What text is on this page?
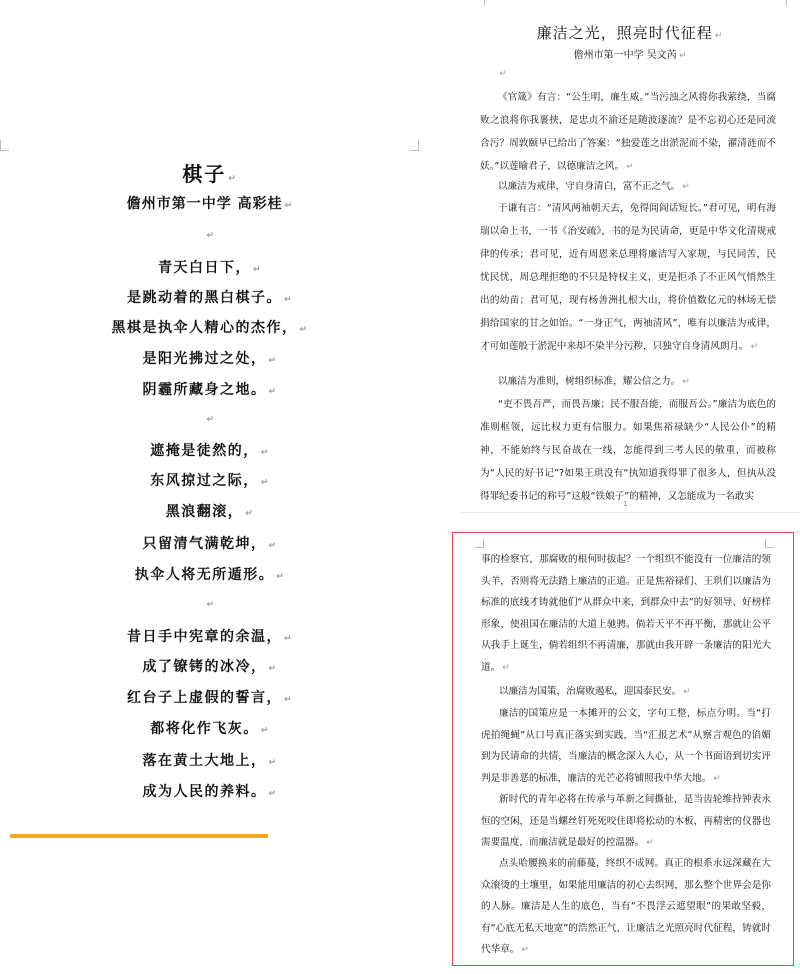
棋子 ↵
儋州市第一中学 高彩桂 ↵
↵
青天白日下， ↵
是跳动着的黑白棋子。 ↵
黑棋是执伞人精心的杰作， ↵
是阳光拂过之处， ↵
阴霾所藏身之地。 ↵
↵
遮掩是徒然的， ↵
东风掠过之际， ↵
黑浪翻滚， ↵
只留清气满乾坤， ↵
执伞人将无所遁形。 ↵
↵
昔日手中宪章的余温， ↵
成了镣铐的冰冷， ↵
红台子上虚假的誓言， ↵
都将化作飞灰。 ↵
落在黄土大地上， ↵
成为人民的养料。 ↵
廉洁之光，照亮时代征程 ↵
儋州市第一中学 吴文芮 ↵
↵

《官箴》有言：“公生明，廉生威。”当污浊之风将你我萦绕，当腐败之浪将你我裹挟，是忠贞不渝还是随波逐流？是不忘初心还是同流合污？周敦颐早已给出了答案：“独爱莲之出淤泥而不染，濯清涟而不妖。”以莲喻君子，以德廉洁之风。 ↵

以廉洁为戒律，守自身清白，富不正之气。 ↵

于谦有言：“清风两袖朝天去，免得闾阎话短长。”君可见，明有海瑞以命上书，一书《治安疏》，书的是为民请命，更是中华文化清规戒律的传承；君可见，近有周恩来总理将廉洁写入家规，与民同苦，民忧民忧，周总理拒绝的不只是特权主义，更是拒杀了不正风气悄然生出的幼苗；君可见，现有杨善洲扎根大山，将价值数亿元的林场无偿捐给国家的甘之如饴。“一身正气，两袖清风”，唯有以廉洁为戒律，才可如莲般于淤泥中来却不染半分污秽，只独守自身清风朗月。 ↵

以廉洁为准则，树组织标准，耀公信之力。 ↵

“吏不畏吾严，而畏吾廉；民不服吾能，而服吾公。”廉洁为底色的准则框领，远比权力更有信服力。如果焦裕禄缺少“人民公仆”的精神，不能始终与民奋战在一线，怎能得到三考人民的敬重，而被称为“人民的好书记”?如果王珙没有“执知道我得罪了很多人，但执从没得罪纪委书记的称号”这般“铁娘子”的精神，又怎能成为一名敢实

1

事的检察官，那腐败的根何时拔起？一个组织不能没有一位廉洁的领头羊，否则将无法踏上廉洁的正道。正是焦裕禄们、王珙们以廉洁为标准的底线才铸就他们“从群众中来，到群众中去”的好领导、好榜样形象，使祖国在廉洁的大道上驰骋。倘若天平不再平衡，那就让公平从我手上诞生，倘若组织不再清廉，那就由我开辟一条廉洁的阳光大道。 ↵

以廉洁为国策，治腐败遏私，迎国泰民安。 ↵

廉洁的国策应是一本摊开的公文，字句工整，标点分明。当“打虎拍绳蝇”从口号真正落实到实践，当“汇报艺术”从察言观色的谄媚到为民请命的共情，当廉洁的概念深入人心，从一个书面语到切实评判是非善恶的标准，廉洁的光芒必将铺照我中华大地。 ↵

新时代的青年必将在传承与革新之间撕扯，是当齿轮维持钟表永恒的空闲，还是当螺丝钉死死咬住即将松动的木板，再精密的仪器也需要温度，而廉洁就是最好的控温器。 ↵

点头哈腰换来的前藤蔓，终织不成网。真正的根系永远深藏在大众滚烫的土壤里，如果能用廉洁的初心去织网，那么整个世界会是你的人脉。廉洁是人生的底色，当有“不畏浮云遮望眼”的果敢坚毅，有“心底无私天地宽”的浩然正气，让廉洁之光照亮时代征程，铸就时代华章。 ↵
